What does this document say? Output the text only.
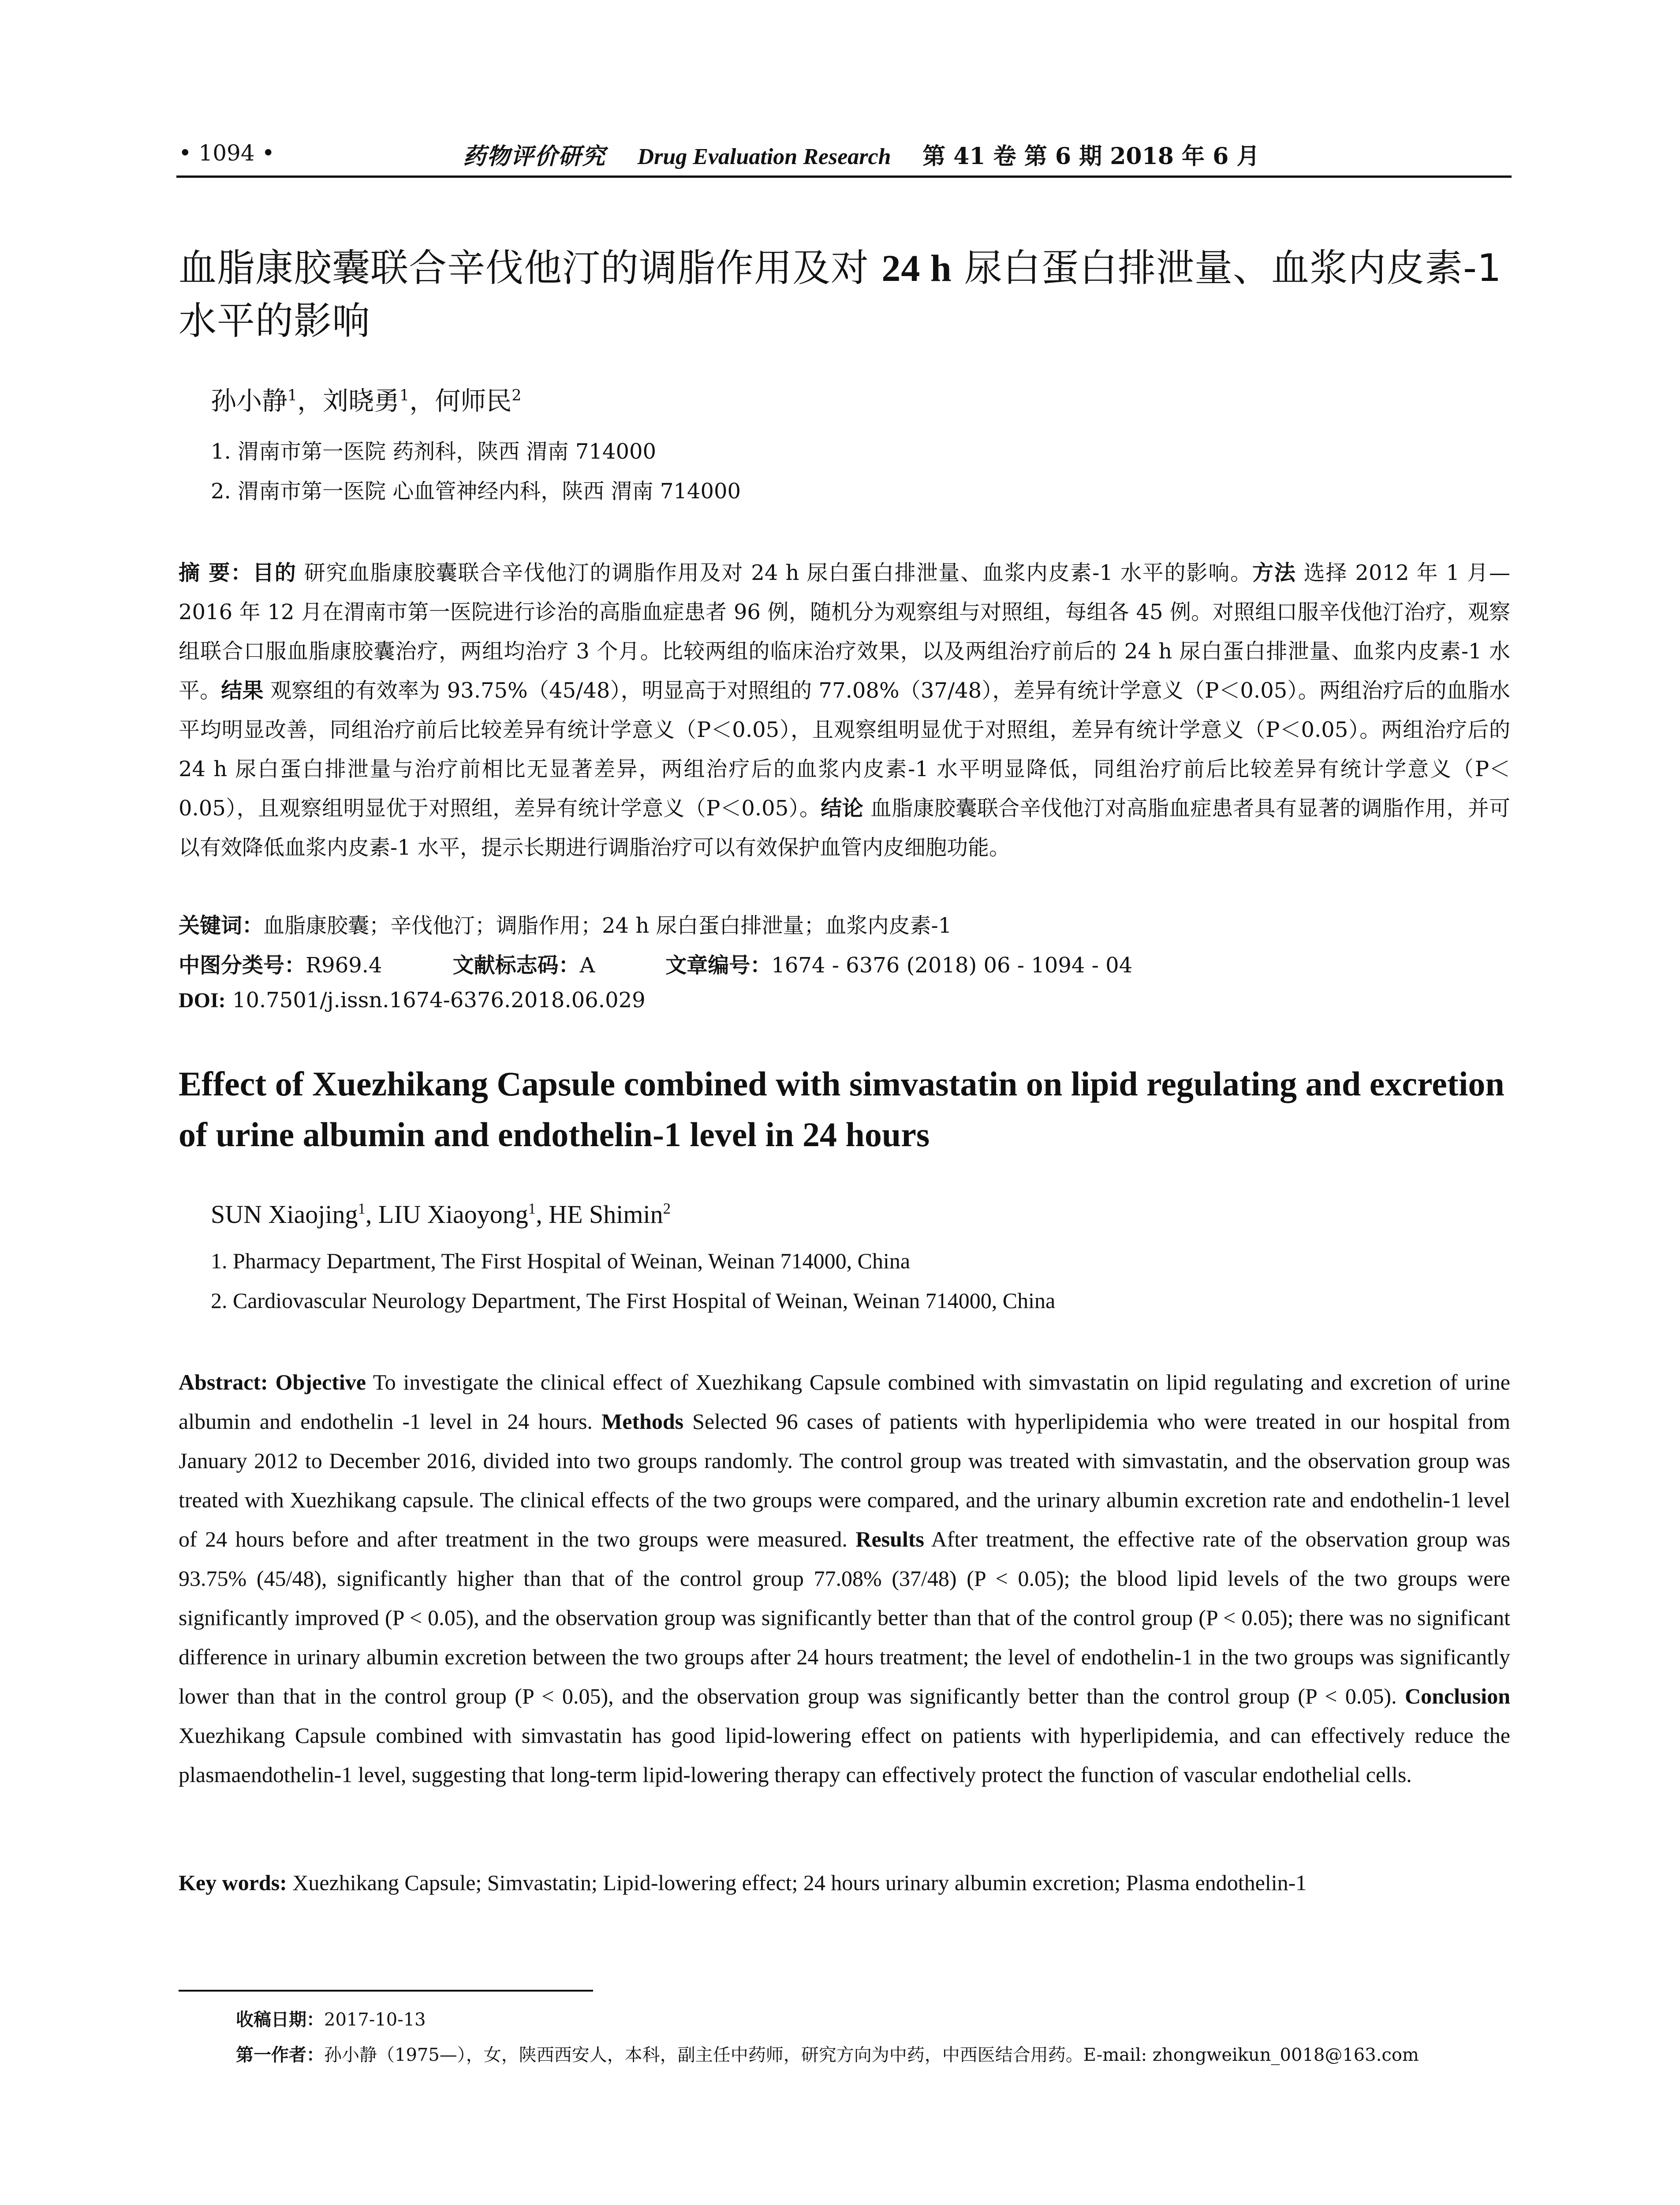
• 1094 •	药物评价研究 Drug Evaluation Research 第 41 卷 第 6 期 2018 年 6 月
血脂康胶囊联合辛伐他汀的调脂作用及对 24 h 尿白蛋白排泄量、血浆内皮素-1 水平的影响
孙小静$^1$，刘晓勇$^1$，何师民$^2$
1. 渭南市第一医院 药剂科，陕西 渭南 714000
2. 渭南市第一医院 心血管神经内科，陕西 渭南 714000
摘 要：目的 研究血脂康胶囊联合辛伐他汀的调脂作用及对 24 h 尿白蛋白排泄量、血浆内皮素-1 水平的影响。方法 选择 2012 年 1 月—2016 年 12 月在渭南市第一医院进行诊治的高脂血症患者 96 例，随机分为观察组与对照组，每组各 45 例。对照组口服辛伐他汀治疗，观察组联合口服血脂康胶囊治疗，两组均治疗 3 个月。比较两组的临床治疗效果，以及两组治疗前后的 24 h 尿白蛋白排泄量、血浆内皮素-1 水平。结果 观察组的有效率为 93.75%（45/48），明显高于对照组的 77.08%（37/48），差异有统计学意义（P＜0.05）。两组治疗后的血脂水平均明显改善，同组治疗前后比较差异有统计学意义（P＜0.05），且观察组明显优于对照组，差异有统计学意义（P＜0.05）。两组治疗后的 24 h 尿白蛋白排泄量与治疗前相比无显著差异，两组治疗后的血浆内皮素-1 水平明显降低，同组治疗前后比较差异有统计学意义（P＜0.05），且观察组明显优于对照组，差异有统计学意义（P＜0.05）。结论 血脂康胶囊联合辛伐他汀对高脂血症患者具有显著的调脂作用，并可以有效降低血浆内皮素-1 水平，提示长期进行调脂治疗可以有效保护血管内皮细胞功能。
关键词：血脂康胶囊；辛伐他汀；调脂作用；24 h 尿白蛋白排泄量；血浆内皮素-1
中图分类号：R969.4	文献标志码：A	文章编号：1674 - 6376 (2018) 06 - 1094 - 04
DOI: 10.7501/j.issn.1674-6376.2018.06.029
Effect of Xuezhikang Capsule combined with simvastatin on lipid regulating and excretion of urine albumin and endothelin-1 level in 24 hours
SUN Xiaojing$^1$, LIU Xiaoyong$^1$, HE Shimin$^2$
1. Pharmacy Department, The First Hospital of Weinan, Weinan 714000, China
2. Cardiovascular Neurology Department, The First Hospital of Weinan, Weinan 714000, China
Abstract: Objective To investigate the clinical effect of Xuezhikang Capsule combined with simvastatin on lipid regulating and excretion of urine albumin and endothelin -1 level in 24 hours. Methods Selected 96 cases of patients with hyperlipidemia who were treated in our hospital from January 2012 to December 2016, divided into two groups randomly. The control group was treated with simvastatin, and the observation group was treated with Xuezhikang capsule. The clinical effects of the two groups were compared, and the urinary albumin excretion rate and endothelin-1 level of 24 hours before and after treatment in the two groups were measured. Results After treatment, the effective rate of the observation group was 93.75% (45/48), significantly higher than that of the control group 77.08% (37/48) (P < 0.05); the blood lipid levels of the two groups were significantly improved (P < 0.05), and the observation group was significantly better than that of the control group (P < 0.05); there was no significant difference in urinary albumin excretion between the two groups after 24 hours treatment; the level of endothelin-1 in the two groups was significantly lower than that in the control group (P < 0.05), and the observation group was significantly better than the control group (P < 0.05). Conclusion Xuezhikang Capsule combined with simvastatin has good lipid-lowering effect on patients with hyperlipidemia, and can effectively reduce the plasmaendothelin-1 level, suggesting that long-term lipid-lowering therapy can effectively protect the function of vascular endothelial cells.
Key words: Xuezhikang Capsule; Simvastatin; Lipid-lowering effect; 24 hours urinary albumin excretion; Plasma endothelin-1
收稿日期：2017-10-13
第一作者：孙小静（1975—），女，陕西西安人，本科，副主任中药师，研究方向为中药，中西医结合用药。E-mail: zhongweikun_0018@163.com
